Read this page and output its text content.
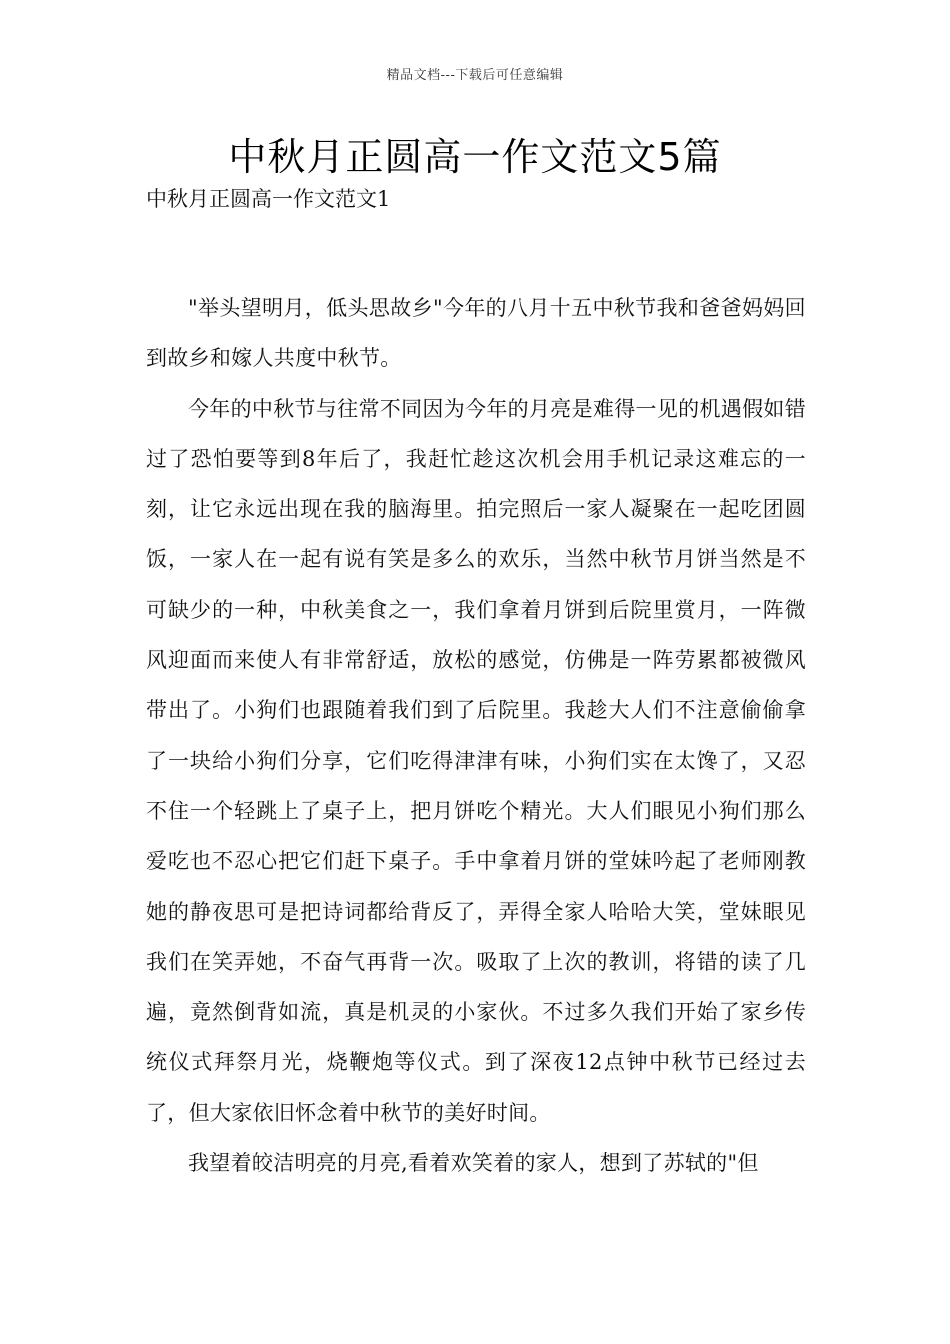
精品文档---下载后可任意编辑
中秋月正圆高一作文范文5篇
中秋月正圆高一作文范文1

"举头望明月，低头思故乡"今年的八月十五中秋节我和爸爸妈妈回到故乡和嫁人共度中秋节。

今年的中秋节与往常不同因为今年的月亮是难得一见的机遇假如错过了恐怕要等到8年后了，我赶忙趁这次机会用手机记录这难忘的一刻，让它永远出现在我的脑海里。拍完照后一家人凝聚在一起吃团圆饭，一家人在一起有说有笑是多么的欢乐，当然中秋节月饼当然是不可缺少的一种，中秋美食之一，我们拿着月饼到后院里赏月，一阵微风迎面而来使人有非常舒适，放松的感觉，仿佛是一阵劳累都被微风带出了。小狗们也跟随着我们到了后院里。我趁大人们不注意偷偷拿了一块给小狗们分享，它们吃得津津有味，小狗们实在太馋了，又忍不住一个轻跳上了桌子上，把月饼吃个精光。大人们眼见小狗们那么爱吃也不忍心把它们赶下桌子。手中拿着月饼的堂妹吟起了老师刚教她的静夜思可是把诗词都给背反了，弄得全家人哈哈大笑，堂妹眼见我们在笑弄她，不奋气再背一次。吸取了上次的教训，将错的读了几遍，竟然倒背如流，真是机灵的小家伙。不过多久我们开始了家乡传统仪式拜祭月光，烧鞭炮等仪式。到了深夜12点钟中秋节已经过去了，但大家依旧怀念着中秋节的美好时间。

我望着皎洁明亮的月亮,看着欢笑着的家人，想到了苏轼的"但
